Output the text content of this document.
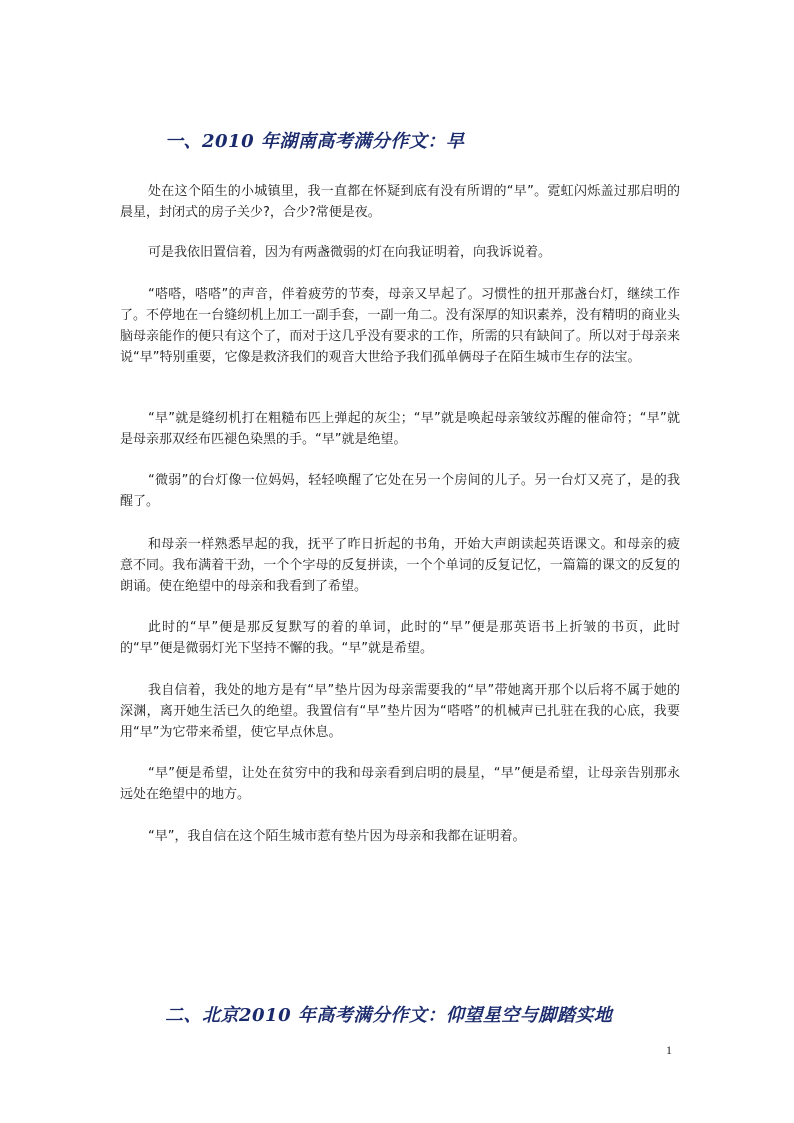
一、2010 年湖南高考满分作文：早

处在这个陌生的小城镇里，我一直都在怀疑到底有没有所谓的“早”。霓虹闪烁盖过那启明的晨星，封闭式的房子关少?，合少?常便是夜。

可是我依旧置信着，因为有两盏微弱的灯在向我证明着，向我诉说着。

“嗒嗒，嗒嗒”的声音，伴着疲劳的节奏，母亲又早起了。习惯性的扭开那盏台灯，继续工作了。不停地在一台缝纫机上加工一副手套，一副一角二。没有深厚的知识素养，没有精明的商业头脑母亲能作的便只有这个了，而对于这几乎没有要求的工作，所需的只有缺间了。所以对于母亲来说“早”特别重要，它像是救济我们的观音大世给予我们孤单俩母子在陌生城市生存的法宝。

“早”就是缝纫机打在粗糙布匹上弹起的灰尘；“早”就是唤起母亲皱纹苏醒的催命符；“早”就是母亲那双经布匹褪色染黑的手。“早”就是绝望。

“微弱”的台灯像一位妈妈，轻轻唤醒了它处在另一个房间的儿子。另一台灯又亮了，是的我醒了。

和母亲一样熟悉早起的我，抚平了昨日折起的书角，开始大声朗读起英语课文。和母亲的疲意不同。我布满着干劲，一个个字母的反复拼读，一个个单词的反复记忆，一篇篇的课文的反复的朗诵。使在绝望中的母亲和我看到了希望。

此时的“早”便是那反复默写的着的单词，此时的“早”便是那英语书上折皱的书页，此时的“早”便是微弱灯光下坚持不懈的我。“早”就是希望。

我自信着，我处的地方是有“早”垫片因为母亲需要我的“早”带她离开那个以后将不属于她的深渊，离开她生活已久的绝望。我置信有“早”垫片因为“嗒嗒”的机械声已扎驻在我的心底，我要用“早”为它带来希望，使它早点休息。

“早”便是希望，让处在贫穷中的我和母亲看到启明的晨星，“早”便是希望，让母亲告别那永远处在绝望中的地方。

“早”，我自信在这个陌生城市惹有垫片因为母亲和我都在证明着。

二、北京2010 年高考满分作文：仰望星空与脚踏实地
1
